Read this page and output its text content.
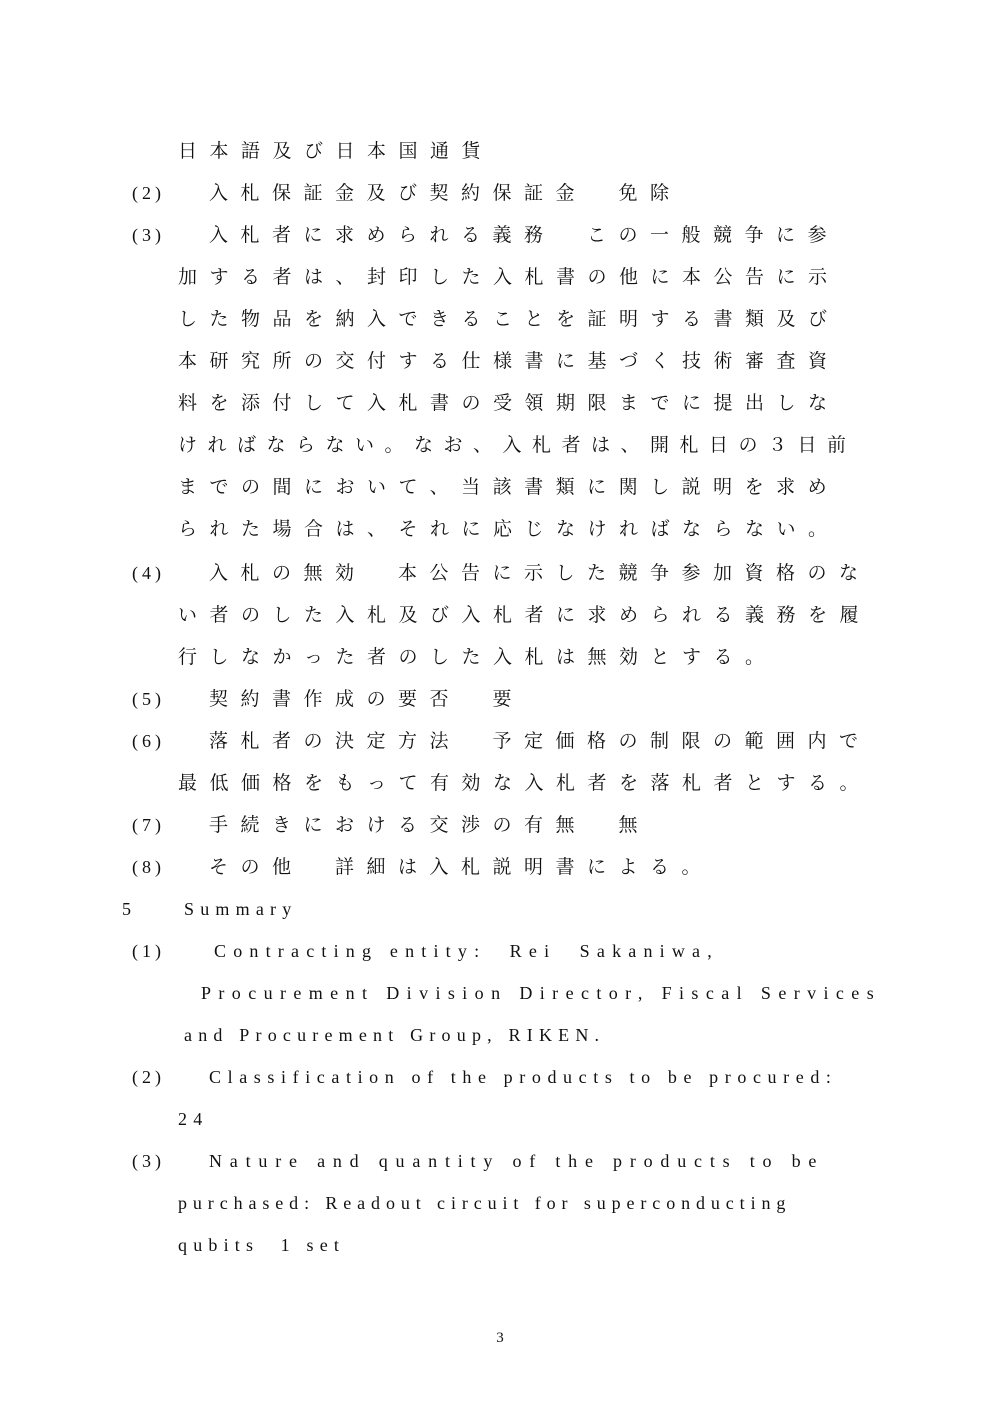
日本語及び日本国通貨
(2) 入札保証金及び契約保証金　免除
(3) 入札者に求められる義務　この一般競争に参
加する者は、封印した入札書の他に本公告に示
した物品を納入できることを証明する書類及び
本研究所の交付する仕様書に基づく技術審査資
料を添付して入札書の受領期限までに提出しな
ければならない。なお、入札者は、開札日の３日前
までの間において、当該書類に関し説明を求め
られた場合は、それに応じなければならない。
(4) 入札の無効　本公告に示した競争参加資格のな
い者のした入札及び入札者に求められる義務を履
行しなかった者のした入札は無効とする。
(5) 契約書作成の要否　要
(6) 落札者の決定方法　予定価格の制限の範囲内で
最低価格をもって有効な入札者を落札者とする。
(7) 手続きにおける交渉の有無　無
(8) その他　詳細は入札説明書による。
5	Summary
(1)	Contracting entity:  Rei  Sakaniwa,
Procurement Division Director, Fiscal Services
and Procurement Group, RIKEN.
(2) Classification of the products to be procured:
24
(3) Nature and quantity of the products to be
purchased: Readout circuit for superconducting
qubits  1 set
3
